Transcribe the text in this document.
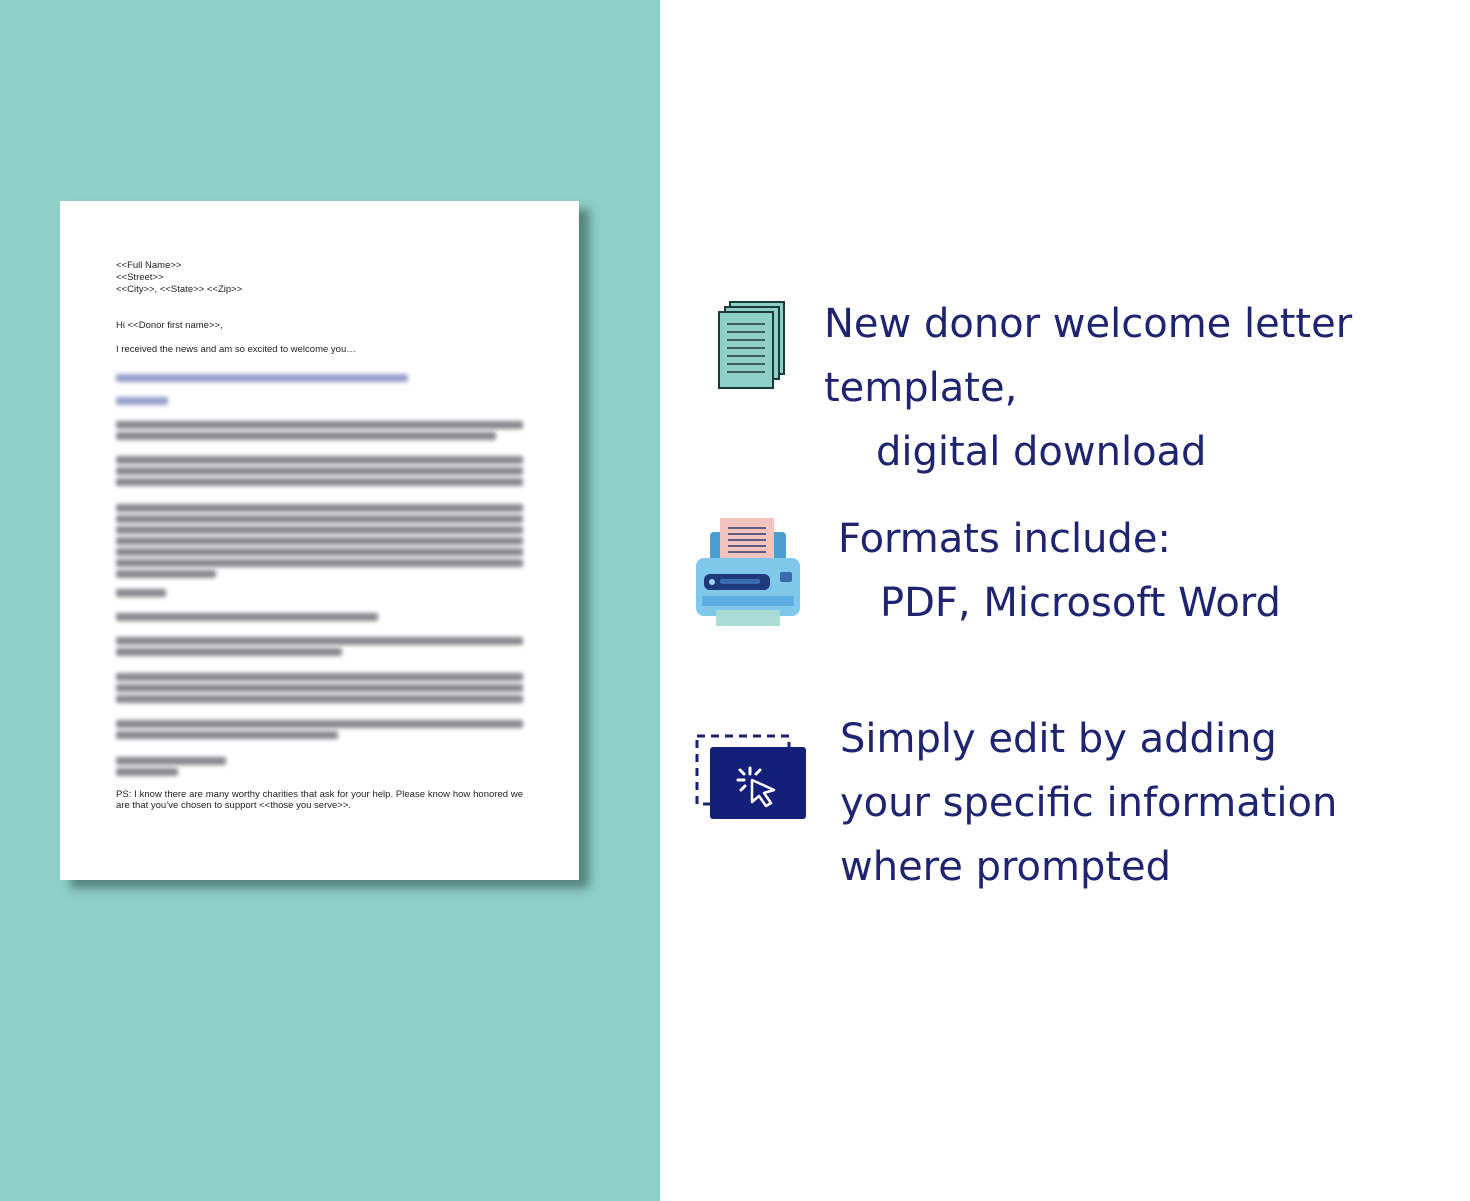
<<Full Name>>

<<Street>>

<<City>>, <<State>> <<Zip>>

Hi <<Donor first name>>,

I received the news and am so excited to welcome you…

PS: I know there are many worthy charities that ask for your help. Please know how honored we are that you’ve chosen to support <<those you serve>>.

New donor welcome letter
template,
digital download

Formats include:
PDF, Microsoft Word

Simply edit by adding
your specific information
where prompted
